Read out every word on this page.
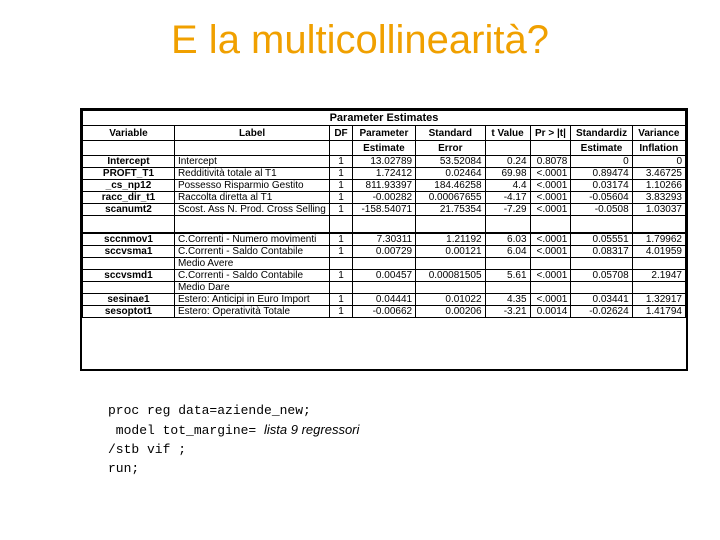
E la multicollinearità?
Parameter Estimates								
Variable	Label	DF	Parameter	Standard	t Value	Pr > |t|	Standardiz	Variance
			Estimate	Error			Estimate	Inflation
Intercept	Intercept	1	13.02789	53.52084	0.24	0.8078	0	0
PROFT_T1	Redditività totale al T1	1	1.72412	0.02464	69.98	<.0001	0.89474	3.46725
_cs_np12	Possesso Risparmio Gestito	1	811.93397	184.46258	4.4	<.0001	0.03174	1.10266
racc_dir_t1	Raccolta diretta al T1	1	-0.00282	0.00067655	-4.17	<.0001	-0.05604	3.83293
scanumt2	Scost. Ass N. Prod. Cross Selling	1	-158.54071	21.75354	-7.29	<.0001	-0.0508	1.03037

sccnmov1	C.Correnti - Numero movimenti	1	7.30311	1.21192	6.03	<.0001	0.05551	1.79962
sccvsma1	C.Correnti - Saldo Contabile	1	0.00729	0.00121	6.04	<.0001	0.08317	4.01959
	Medio Avere							
sccvsmd1	C.Correnti - Saldo Contabile	1	0.00457	0.00081505	5.61	<.0001	0.05708	2.1947
	Medio Dare							
sesinae1	Estero: Anticipi in Euro Import	1	0.04441	0.01022	4.35	<.0001	0.03441	1.32917
sesoptot1	Estero: Operatività Totale	1	-0.00662	0.00206	-3.21	0.0014	-0.02624	1.41794
proc reg data=aziende_new;
model tot_margine= lista 9 regressori
/stb vif ;
run;
